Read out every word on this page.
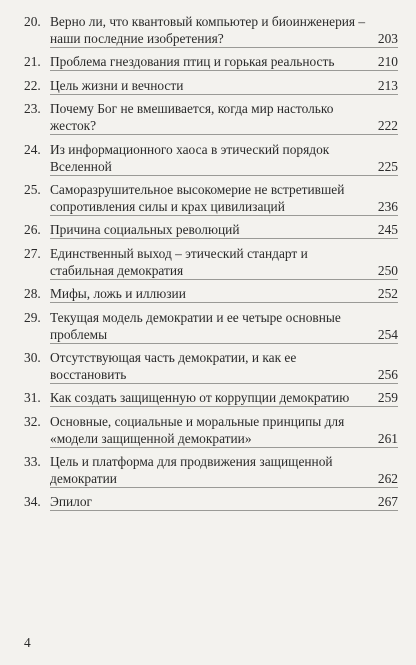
20. Верно ли, что квантовый компьютер и биоинженерия – наши последние изобретения?	203
21. Проблема гнездования птиц и горькая реальность	210
22. Цель жизни и вечности	213
23. Почему Бог не вмешивается, когда мир настолько жесток?	222
24. Из информационного хаоса в этический порядок Вселенной	225
25. Саморазрушительное высокомерие не встретившей сопротивления силы и крах цивилизаций	236
26. Причина социальных революций	245
27. Единственный выход – этический стандарт и стабильная демократия	250
28. Мифы, ложь и иллюзии	252
29. Текущая модель демократии и ее четыре основные проблемы	254
30. Отсутствующая часть демократии, и как ее восстановить	256
31. Как создать защищенную от коррупции демократию	259
32. Основные, социальные и моральные принципы для «модели защищенной демократии»	261
33. Цель и платформа для продвижения защищенной демократии	262
34. Эпилог	267
4
